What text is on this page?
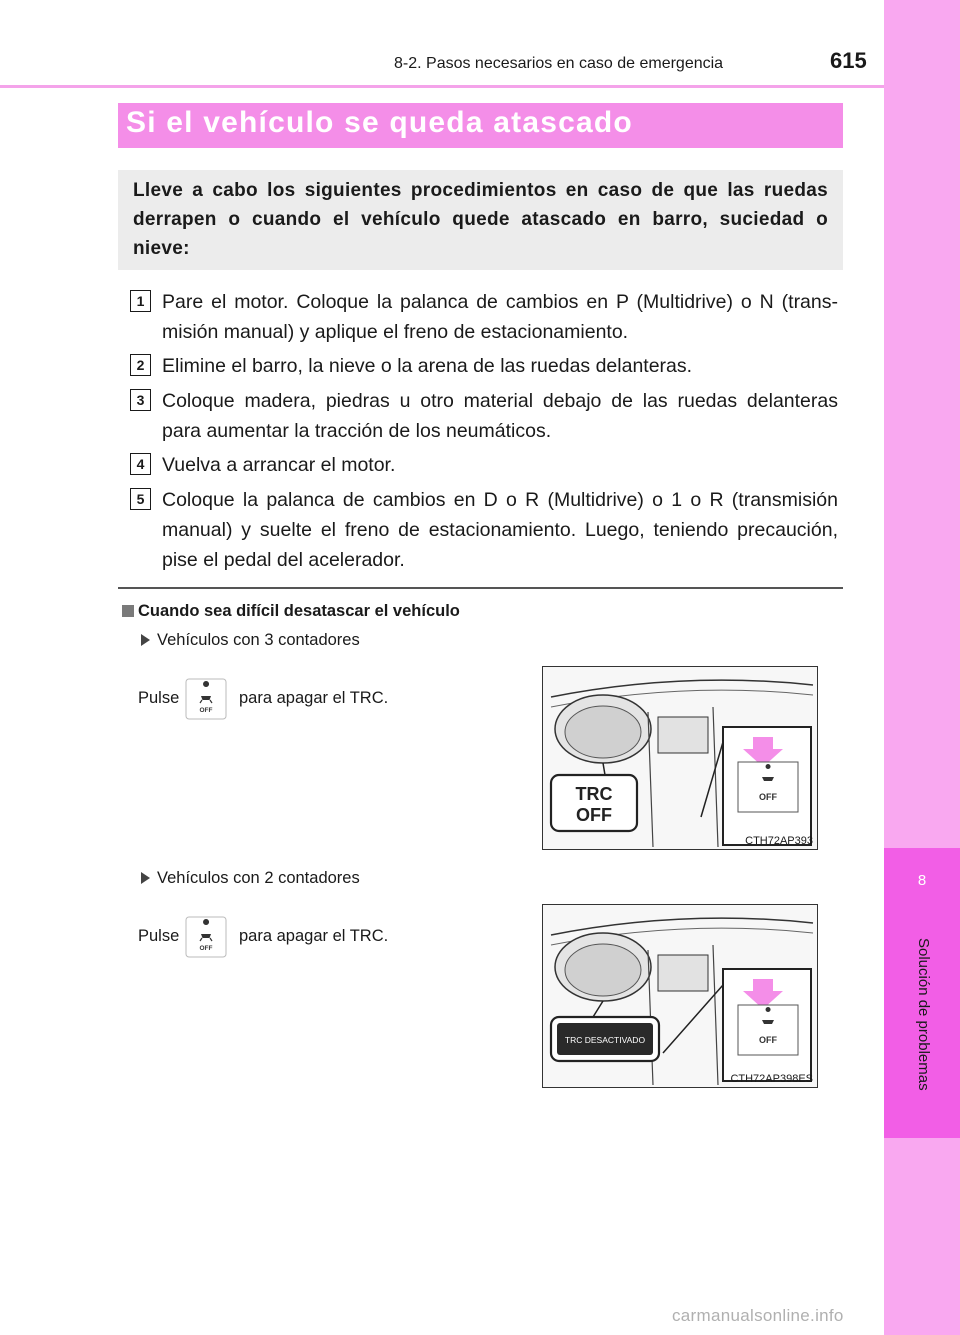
8
Solución de problemas
8-2. Pasos necesarios en caso de emergencia	615
Si el vehículo se queda atascado
Lleve a cabo los siguientes procedimientos en caso de que las ruedas derrapen o cuando el vehículo quede atascado en barro, suciedad o nieve:
1 Pare el motor. Coloque la palanca de cambios en P (Multidrive) o N (trans-misión manual) y aplique el freno de estacionamiento.
2 Elimine el barro, la nieve o la arena de las ruedas delanteras.
3 Coloque madera, piedras u otro material debajo de las ruedas delanteras para aumentar la tracción de los neumáticos.
4 Vuelva a arrancar el motor.
5 Coloque la palanca de cambios en D o R (Multidrive) o 1 o R (transmisión manual) y suelte el freno de estacionamiento. Luego, teniendo precaución, pise el pedal del acelerador.
Cuando sea difícil desatascar el vehículo
Vehículos con 3 contadores
Pulse
OFF
para apagar el TRC.
OFF
TRC
OFF
CTH72AP393
Vehículos con 2 contadores
Pulse
OFF
para apagar el TRC.
OFF
TRC DESACTIVADO
CTH72AP398ES
carmanualsonline.info
